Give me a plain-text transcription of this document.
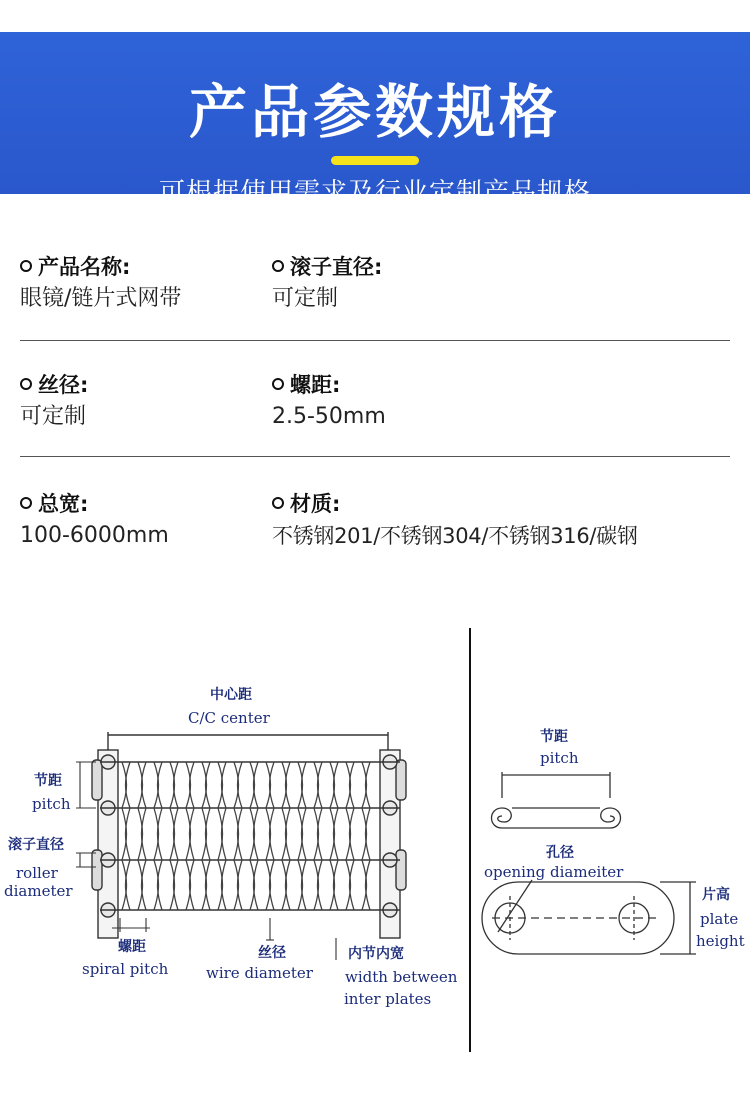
产品参数规格
可根据使用需求及行业定制产品规格
产品名称:
眼镜/链片式网带
滚子直径:
可定制
丝径:
可定制
螺距:
2.5-50mm
总宽:
100-6000mm
材质:
不锈钢201/不锈钢304/不锈钢316/碳钢
中心距
C/C center
节距
pitch
滚子直径
roller
diameter
螺距
spiral pitch
丝径
wire diameter
内节内宽
width between
inter plates
节距
pitch
孔径
opening diameiter
片高
plate
height
